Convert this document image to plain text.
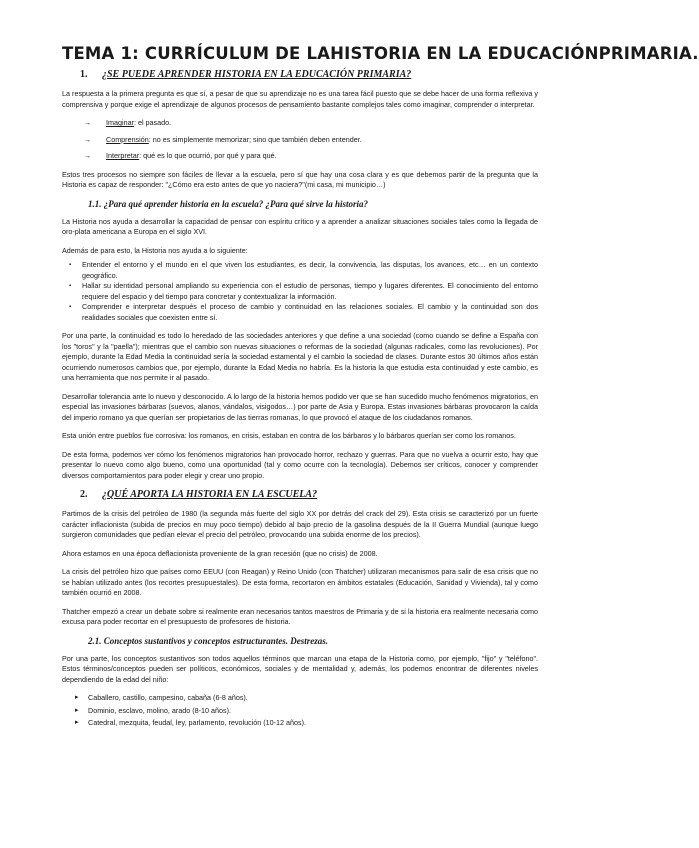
TEMA 1: CURRÍCULUM DE LAHISTORIA EN LA EDUCACIÓNPRIMARIA.
1. ¿SE PUEDE APRENDER HISTORIA EN LA EDUCACIÓN PRIMARIA?

La respuesta a la primera pregunta es que sí, a pesar de que su aprendizaje no es una tarea fácil puesto que se debe hacer de una forma reflexiva y comprensiva y porque exige el aprendizaje de algunos procesos de pensamiento bastante complejos tales como imaginar, comprender o interpretar.

→ Imaginar: el pasado.
→ Comprensión: no es simplemente memorizar; sino que también deben entender.
→ Interpretar: qué es lo que ocurrió, por qué y para qué.

Estos tres procesos no siempre son fáciles de llevar a la escuela, pero sí que hay una cosa clara y es que debemos partir de la pregunta que la Historia es capaz de responder: "¿Cómo era esto antes de que yo naciera?"(mi casa, mi municipio…)

1.1. ¿Para qué aprender historia en la escuela? ¿Para qué sirve la historia?

La Historia nos ayuda a desarrollar la capacidad de pensar con espíritu crítico y a aprender a analizar situaciones sociales tales como la llegada de oro-plata americana a Europa en el siglo XVI.

Además de para esto, la Historia nos ayuda a lo siguiente:

▪ Entender el entorno y el mundo en el que viven los estudiantes, es decir, la convivencia, las disputas, los avances, etc… en un contexto geográfico.
▪ Hallar su identidad personal ampliando su experiencia con el estudio de personas, tiempo y lugares diferentes. El conocimiento del entorno requiere del espacio y del tiempo para concretar y contextualizar la información.
▪ Comprender e interpretar después el proceso de cambio y continuidad en las relaciones sociales. El cambio y la continuidad son dos realidades sociales que coexisten entre sí.

Por una parte, la continuidad es todo lo heredado de las sociedades anteriores y que define a una sociedad (como cuando se define a España con los "toros" y la "paella"); mientras que el cambio son nuevas situaciones o reformas de la sociedad (algunas radicales, como las revoluciones). Por ejemplo, durante la Edad Media la continuidad sería la sociedad estamental y el cambio la sociedad de clases. Durante estos 30 últimos años están ocurriendo numerosos cambios que, por ejemplo, durante la Edad Media no habría. Es la historia la que estudia esta continuidad y este cambio, es una herramienta que nos permite ir al pasado.

Desarrollar tolerancia ante lo nuevo y desconocido. A lo largo de la historia hemos podido ver que se han sucedido mucho fenómenos migratorios, en especial las invasiones bárbaras (suevos, alanos, vándalos, visigodos…) por parte de Asia y Europa. Estas invasiones bárbaras provocaron la caída del imperio romano ya que querían ser propietarios de las tierras romanas, lo que provocó el ataque de los ciudadanos romanos.

Esta unión entre pueblos fue corrosiva: los romanos, en crisis, estaban en contra de los bárbaros y lo bárbaros querían ser como los romanos.

De esta forma, podemos ver cómo los fenómenos migratorios han provocado horror, rechazo y guerras. Para que no vuelva a ocurrir esto, hay que presentar lo nuevo como algo bueno, como una oportunidad (tal y como ocurre con la tecnología). Debemos ser críticos, conocer y comprender diversos comportamientos para poder elegir y crear uno propio.

2. ¿QUÉ APORTA LA HISTORIA EN LA ESCUELA?

Partimos de la crisis del petróleo de 1980 (la segunda más fuerte del siglo XX por detrás del crack del 29). Esta crisis se caracterizó por un fuerte carácter inflacionista (subida de precios en muy poco tiempo) debido al bajo precio de la gasolina después de la II Guerra Mundial (aunque luego surgieron comunidades que pedían elevar el precio del petróleo, provocando una subida enorme de los precios).

Ahora estamos en una época deflacionista proveniente de la gran recesión (que no crisis) de 2008.

La crisis del petróleo hizo que países como EEUU (con Reagan) y Reino Unido (con Thatcher) utilizaran mecanismos para salir de esa crisis que no se habían utilizado antes (los recortes presupuestales). De esta forma, recortaron en ámbitos estatales (Educación, Sanidad y Vivienda), tal y como también ocurrió en 2008.

Thatcher empezó a crear un debate sobre si realmente eran necesarios tantos maestros de Primaria y de si la historia era realmente necesaria como excusa para poder recortar en el presupuesto de profesores de historia.

2.1. Conceptos sustantivos y conceptos estructurantes. Destrezas.

Por una parte, los conceptos sustantivos son todos aquellos términos que marcan una etapa de la Historia como, por ejemplo, "fijo" y "teléfono". Estos términos/conceptos pueden ser políticos, económicos, sociales y de mentalidad y, además, los podemos encontrar de diferentes niveles dependiendo de la edad del niño:

▸ Caballero, castillo, campesino, cabaña (6-8 años).
▸ Dominio, esclavo, molino, arado (8-10 años).
▸ Catedral, mezquita, feudal, ley, parlamento, revolución (10-12 años).
